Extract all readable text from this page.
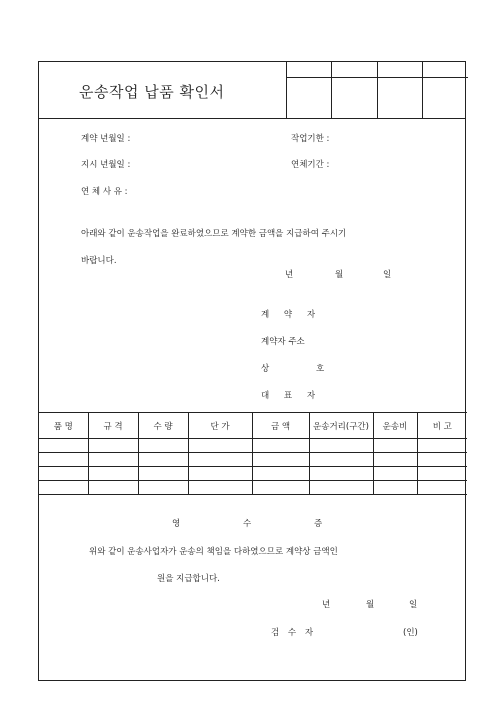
운송작업 납품 확인서
계약 년월일 :	작업기한 :
지시 년월일 :	연체기간 :
연 체 사 유 :
아래와 같이 운송작업을 완료하였으므로 계약한 금액을 지급하여 주시기
바랍니다.
년	월	일
계 약 자
계약자 주소
상	호
대 표 자
품 명	규 격	수 량	단 가	금 액	운송거리(구간)	운송비	비 고

영	수	증
위와 같이 운송사업자가 운송의 책임을 다하였으므로 계약상 금액인
원을 지급합니다.
년	월	일
검 수 자	(인)
